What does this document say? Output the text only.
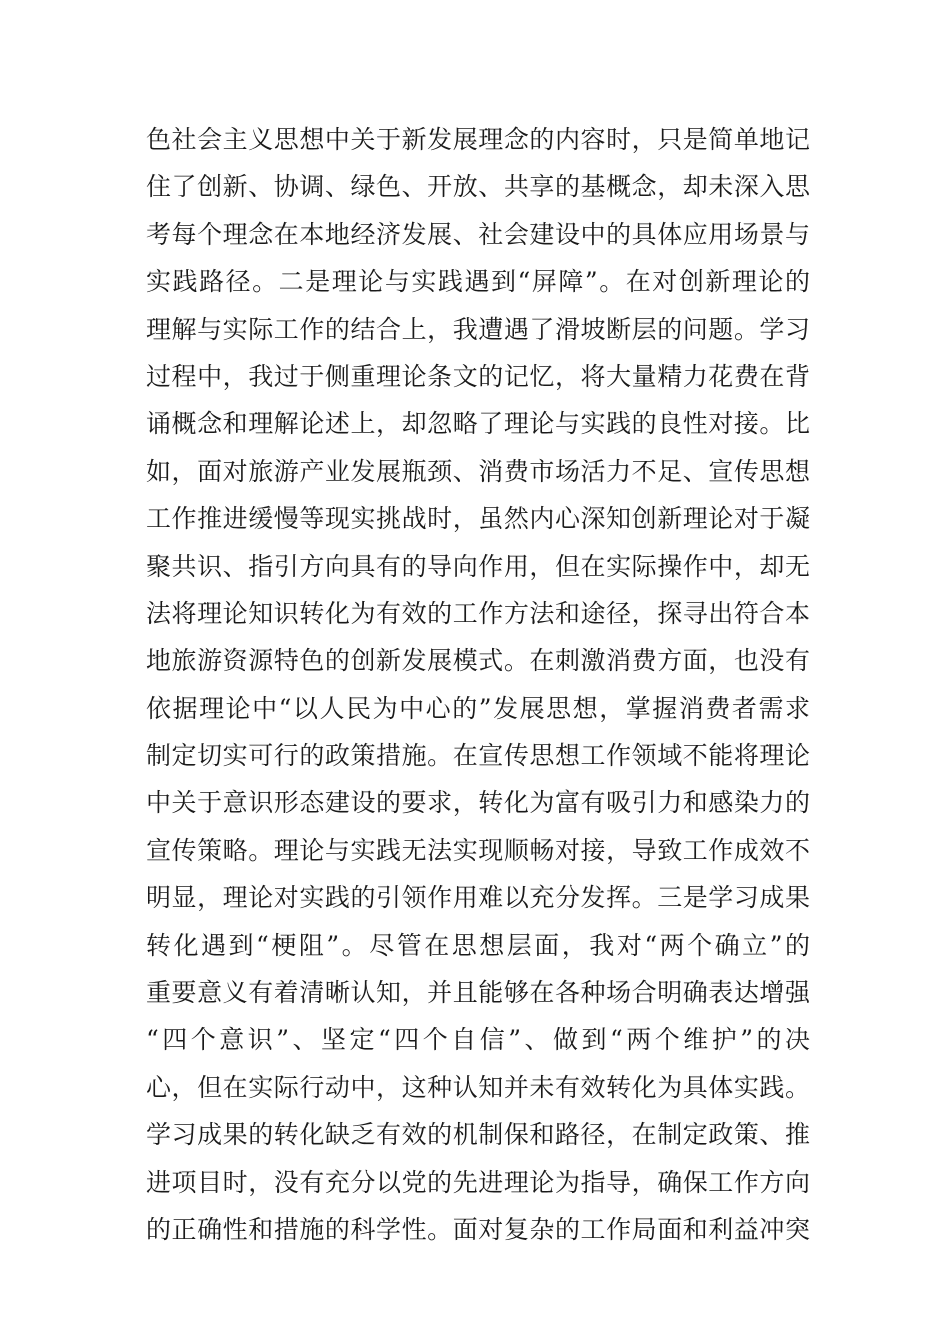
色社会主义思想中关于新发展理念的内容时，只是简单地记
住了创新、协调、绿色、开放、共享的基概念，却未深入思
考每个理念在本地经济发展、社会建设中的具体应用场景与
实践路径。二是理论与实践遇到“屏障”。在对创新理论的
理解与实际工作的结合上，我遭遇了滑坡断层的问题。学习
过程中，我过于侧重理论条文的记忆，将大量精力花费在背
诵概念和理解论述上，却忽略了理论与实践的良性对接。比
如，面对旅游产业发展瓶颈、消费市场活力不足、宣传思想
工作推进缓慢等现实挑战时，虽然内心深知创新理论对于凝
聚共识、指引方向具有的导向作用，但在实际操作中，却无
法将理论知识转化为有效的工作方法和途径，探寻出符合本
地旅游资源特色的创新发展模式。在刺激消费方面，也没有
依据理论中“以人民为中心的”发展思想，掌握消费者需求
制定切实可行的政策措施。在宣传思想工作领域不能将理论
中关于意识形态建设的要求，转化为富有吸引力和感染力的
宣传策略。理论与实践无法实现顺畅对接，导致工作成效不
明显，理论对实践的引领作用难以充分发挥。三是学习成果
转化遇到“梗阻”。尽管在思想层面，我对“两个确立”的
重要意义有着清晰认知，并且能够在各种场合明确表达增强
“四个意识”、坚定“四个自信”、做到“两个维护”的决
心，但在实际行动中，这种认知并未有效转化为具体实践。
学习成果的转化缺乏有效的机制保和路径，在制定政策、推
进项目时，没有充分以党的先进理论为指导，确保工作方向
的正确性和措施的科学性。面对复杂的工作局面和利益冲突
